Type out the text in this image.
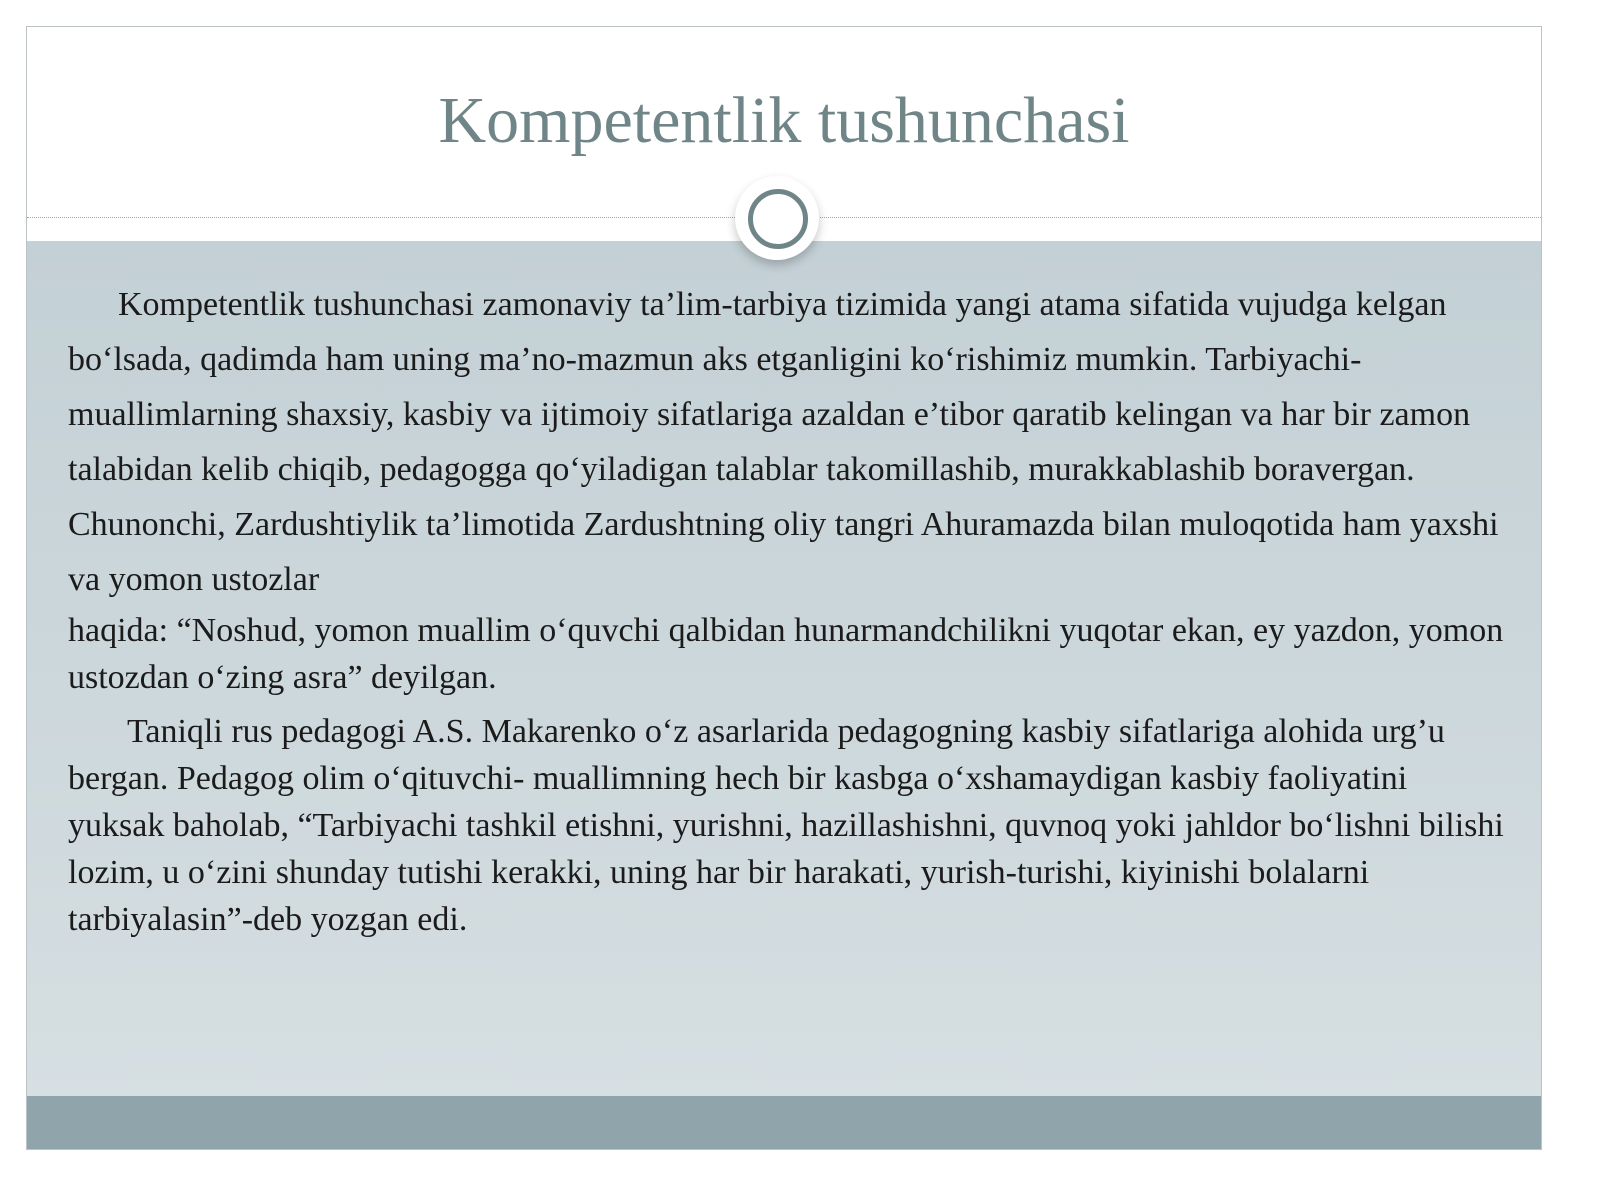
Kompetentlik tushunchasi

Kompetentlik tushunchasi zamonaviy ta’lim-tarbiya tizimida yangi atama sifatida vujudga kelgan bo‘lsada, qadimda ham uning ma’no-mazmun aks etganligini ko‘rishimiz mumkin. Tarbiyachi-muallimlarning shaxsiy, kasbiy va ijtimoiy sifatlariga azaldan e’tibor qaratib kelingan va har bir zamon talabidan kelib chiqib, pedagogga qo‘yiladigan talablar takomillashib, murakkablashib boravergan. Chunonchi, Zardushtiylik ta’limotida Zardushtning oliy tangri Ahuramazda bilan muloqotida ham yaxshi va yomon ustozlar

haqida: “Noshud, yomon muallim o‘quvchi qalbidan hunarmandchilikni yuqotar ekan, ey yazdon, yomon ustozdan o‘zing asra” deyilgan.

Taniqli rus pedagogi A.S. Makarenko o‘z asarlarida pedagogning kasbiy sifatlariga alohida urg’u bergan. Pedagog olim o‘qituvchi- muallimning hech bir kasbga o‘xshamaydigan kasbiy faoliyatini yuksak baholab, “Tarbiyachi tashkil etishni, yurishni, hazillashishni, quvnoq yoki jahldor bo‘lishni bilishi lozim, u o‘zini shunday tutishi kerakki, uning har bir harakati, yurish-turishi, kiyinishi bolalarni tarbiyalasin”-deb yozgan edi.
